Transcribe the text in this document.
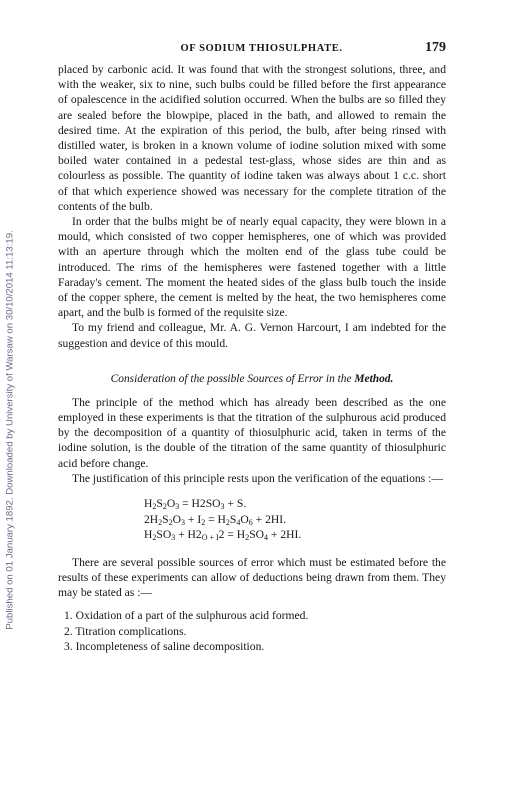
Published on 01 January 1892. Downloaded by University of Warsaw on 30/10/2014 11:13:19.
OF SODIUM THIOSULPHATE.	179

placed by carbonic acid. It was found that with the strongest solutions, three, and with the weaker, six to nine, such bulbs could be filled before the first appearance of opalescence in the acidified solution occurred. When the bulbs are so filled they are sealed before the blowpipe, placed in the bath, and allowed to remain the desired time. At the expiration of this period, the bulb, after being rinsed with distilled water, is broken in a known volume of iodine solution mixed with some boiled water contained in a pedestal test-glass, whose sides are thin and as colourless as possible. The quantity of iodine taken was always about 1 c.c. short of that which experience showed was necessary for the complete titration of the contents of the bulb.

In order that the bulbs might be of nearly equal capacity, they were blown in a mould, which consisted of two copper hemispheres, one of which was provided with an aperture through which the molten end of the glass tube could be introduced. The rims of the hemispheres were fastened together with a little Faraday's cement. The moment the heated sides of the glass bulb touch the inside of the copper sphere, the cement is melted by the heat, the two hemispheres come apart, and the bulb is formed of the requisite size.

To my friend and colleague, Mr. A. G. Vernon Harcourt, I am indebted for the suggestion and device of this mould.

Consideration of the possible Sources of Error in the Method.

The principle of the method which has already been described as the one employed in these experiments is that the titration of the sulphurous acid produced by the decomposition of a quantity of thiosulphuric acid, taken in terms of the iodine solution, is the double of the titration of the same quantity of thiosulphuric acid before change.

The justification of this principle rests upon the verification of the equations :—

$H_2S_2O_3 = H2SO_3 + S$.
$2H_2S_2O_3 + I_2 = H_2S_4O_6 + 2HI$.
$H_2SO_3 + H2_{O + I}2 = H_2SO_4 + 2HI$.

There are several possible sources of error which must be estimated before the results of these experiments can allow of deductions being drawn from them. They may be stated as :—

1. Oxidation of a part of the sulphurous acid formed.
2. Titration complications.
3. Incompleteness of saline decomposition.
